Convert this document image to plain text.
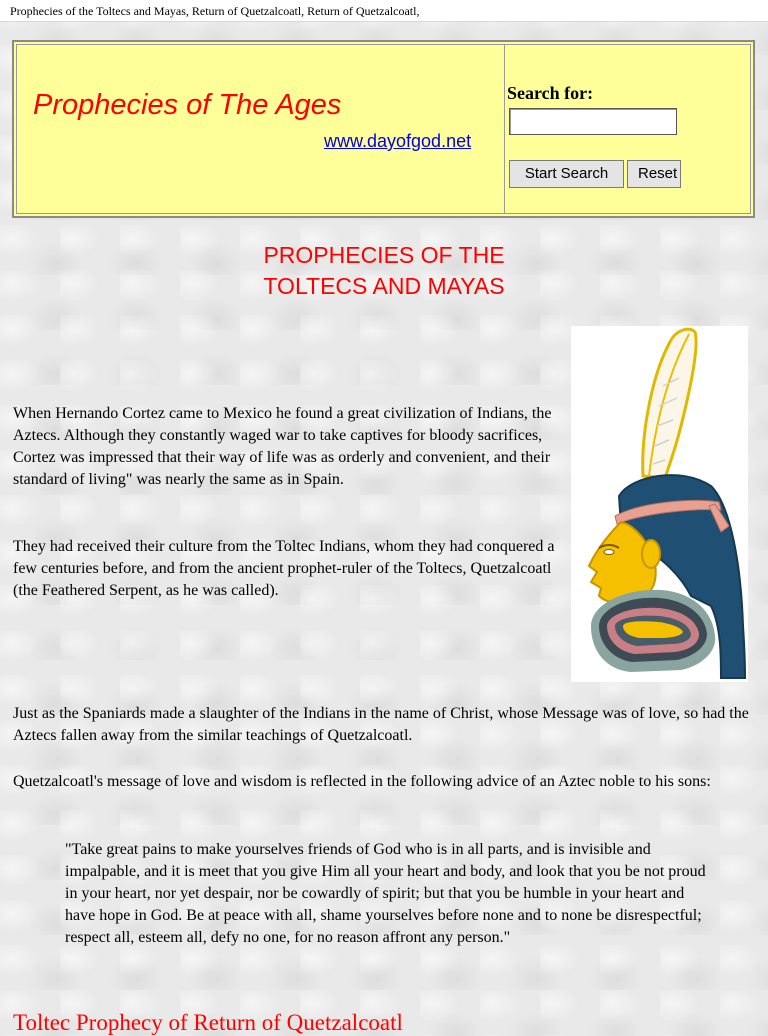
Prophecies of the Toltecs and Mayas, Return of Quetzalcoatl, Return of Quetzalcoatl,
Prophecies of The Ages
www.dayofgod.net
Search for:
Start Search	Reset
PROPHECIES OF THE
TOLTECS AND MAYAS

When Hernando Cortez came to Mexico he found a great civilization of Indians, the Aztecs. Although they constantly waged war to take captives for bloody sacrifices, Cortez was impressed that their way of life was as orderly and convenient, and their standard of living" was nearly the same as in Spain.

They had received their culture from the Toltec Indians, whom they had conquered a few centuries before, and from the ancient prophet-ruler of the Toltecs, Quetzalcoatl (the Feathered Serpent, as he was called).

Just as the Spaniards made a slaughter of the Indians in the name of Christ, whose Message was of love, so had the Aztecs fallen away from the similar teachings of Quetzalcoatl.

Quetzalcoatl's message of love and wisdom is reflected in the following advice of an Aztec noble to his sons:

"Take great pains to make yourselves friends of God who is in all parts, and is invisible and impalpable, and it is meet that you give Him all your heart and body, and look that you be not proud in your heart, nor yet despair, nor be cowardly of spirit; but that you be humble in your heart and have hope in God. Be at peace with all, shame yourselves before none and to none be disrespectful; respect all, esteem all, defy no one, for no reason affront any person."

Toltec Prophecy of Return of Quetzalcoatl
